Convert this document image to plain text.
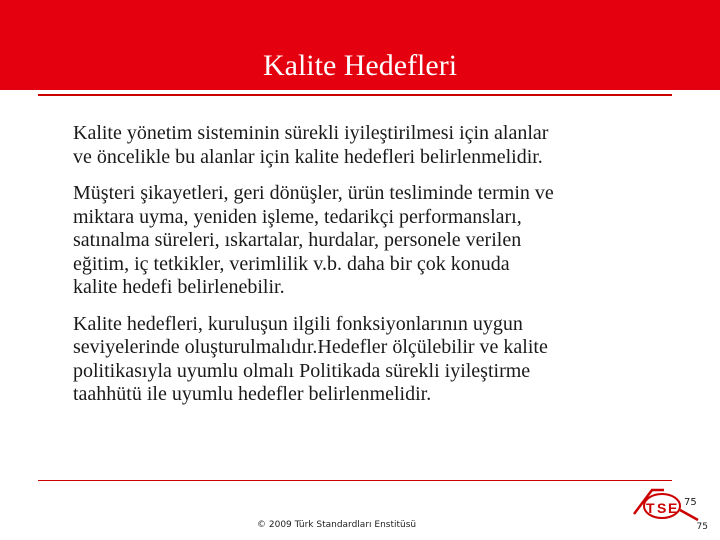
Kalite Hedefleri

Kalite yönetim sisteminin sürekli iyileştirilmesi için alanlar
ve öncelikle bu alanlar için kalite hedefleri belirlenmelidir.

Müşteri şikayetleri, geri dönüşler, ürün tesliminde termin ve
miktara uyma, yeniden işleme, tedarikçi performansları,
satınalma süreleri, ıskartalar, hurdalar, personele verilen
eğitim, iç tetkikler, verimlilik v.b. daha bir çok konuda
kalite hedefi belirlenebilir.

Kalite hedefleri, kuruluşun ilgili fonksiyonlarının uygun
seviyelerinde oluşturulmalıdır.Hedefler ölçülebilir ve kalite
politikasıyla uyumlu olmalı Politikada sürekli iyileştirme
taahhütü ile uyumlu hedefler belirlenmelidir.

© 2009 Türk Standardları Enstitüsü
T S E 75
75
